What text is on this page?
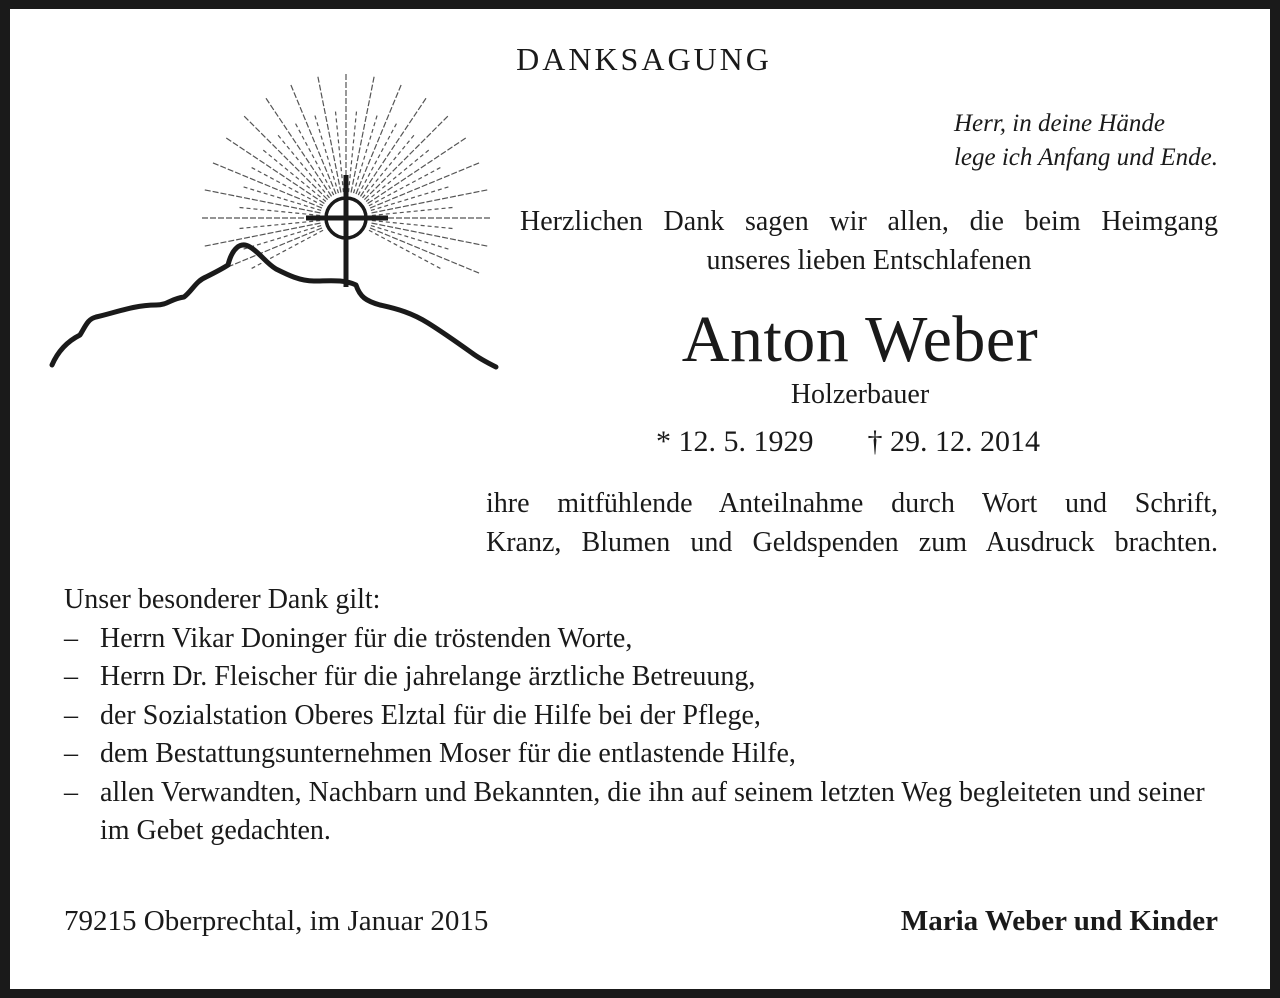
DANKSAGUNG
Herr, in deine Hände
lege ich Anfang und Ende.
Herzlichen Dank sagen wir allen, die beim Heimgang
unseres lieben Entschlafenen
Anton Weber
Holzerbauer
* 12. 5. 1929 † 29. 12. 2014
ihre mitfühlende Anteilnahme durch Wort und Schrift,
Kranz, Blumen und Geldspenden zum Ausdruck brachten.
Unser besonderer Dank gilt:
– Herrn Vikar Doninger für die tröstenden Worte,
– Herrn Dr. Fleischer für die jahrelange ärztliche Betreuung,
– der Sozialstation Oberes Elztal für die Hilfe bei der Pflege,
– dem Bestattungsunternehmen Moser für die entlastende Hilfe,
– allen Verwandten, Nachbarn und Bekannten, die ihn auf seinem letzten Weg begleiteten und seiner im Gebet gedachten.
79215 Oberprechtal, im Januar 2015	Maria Weber und Kinder
